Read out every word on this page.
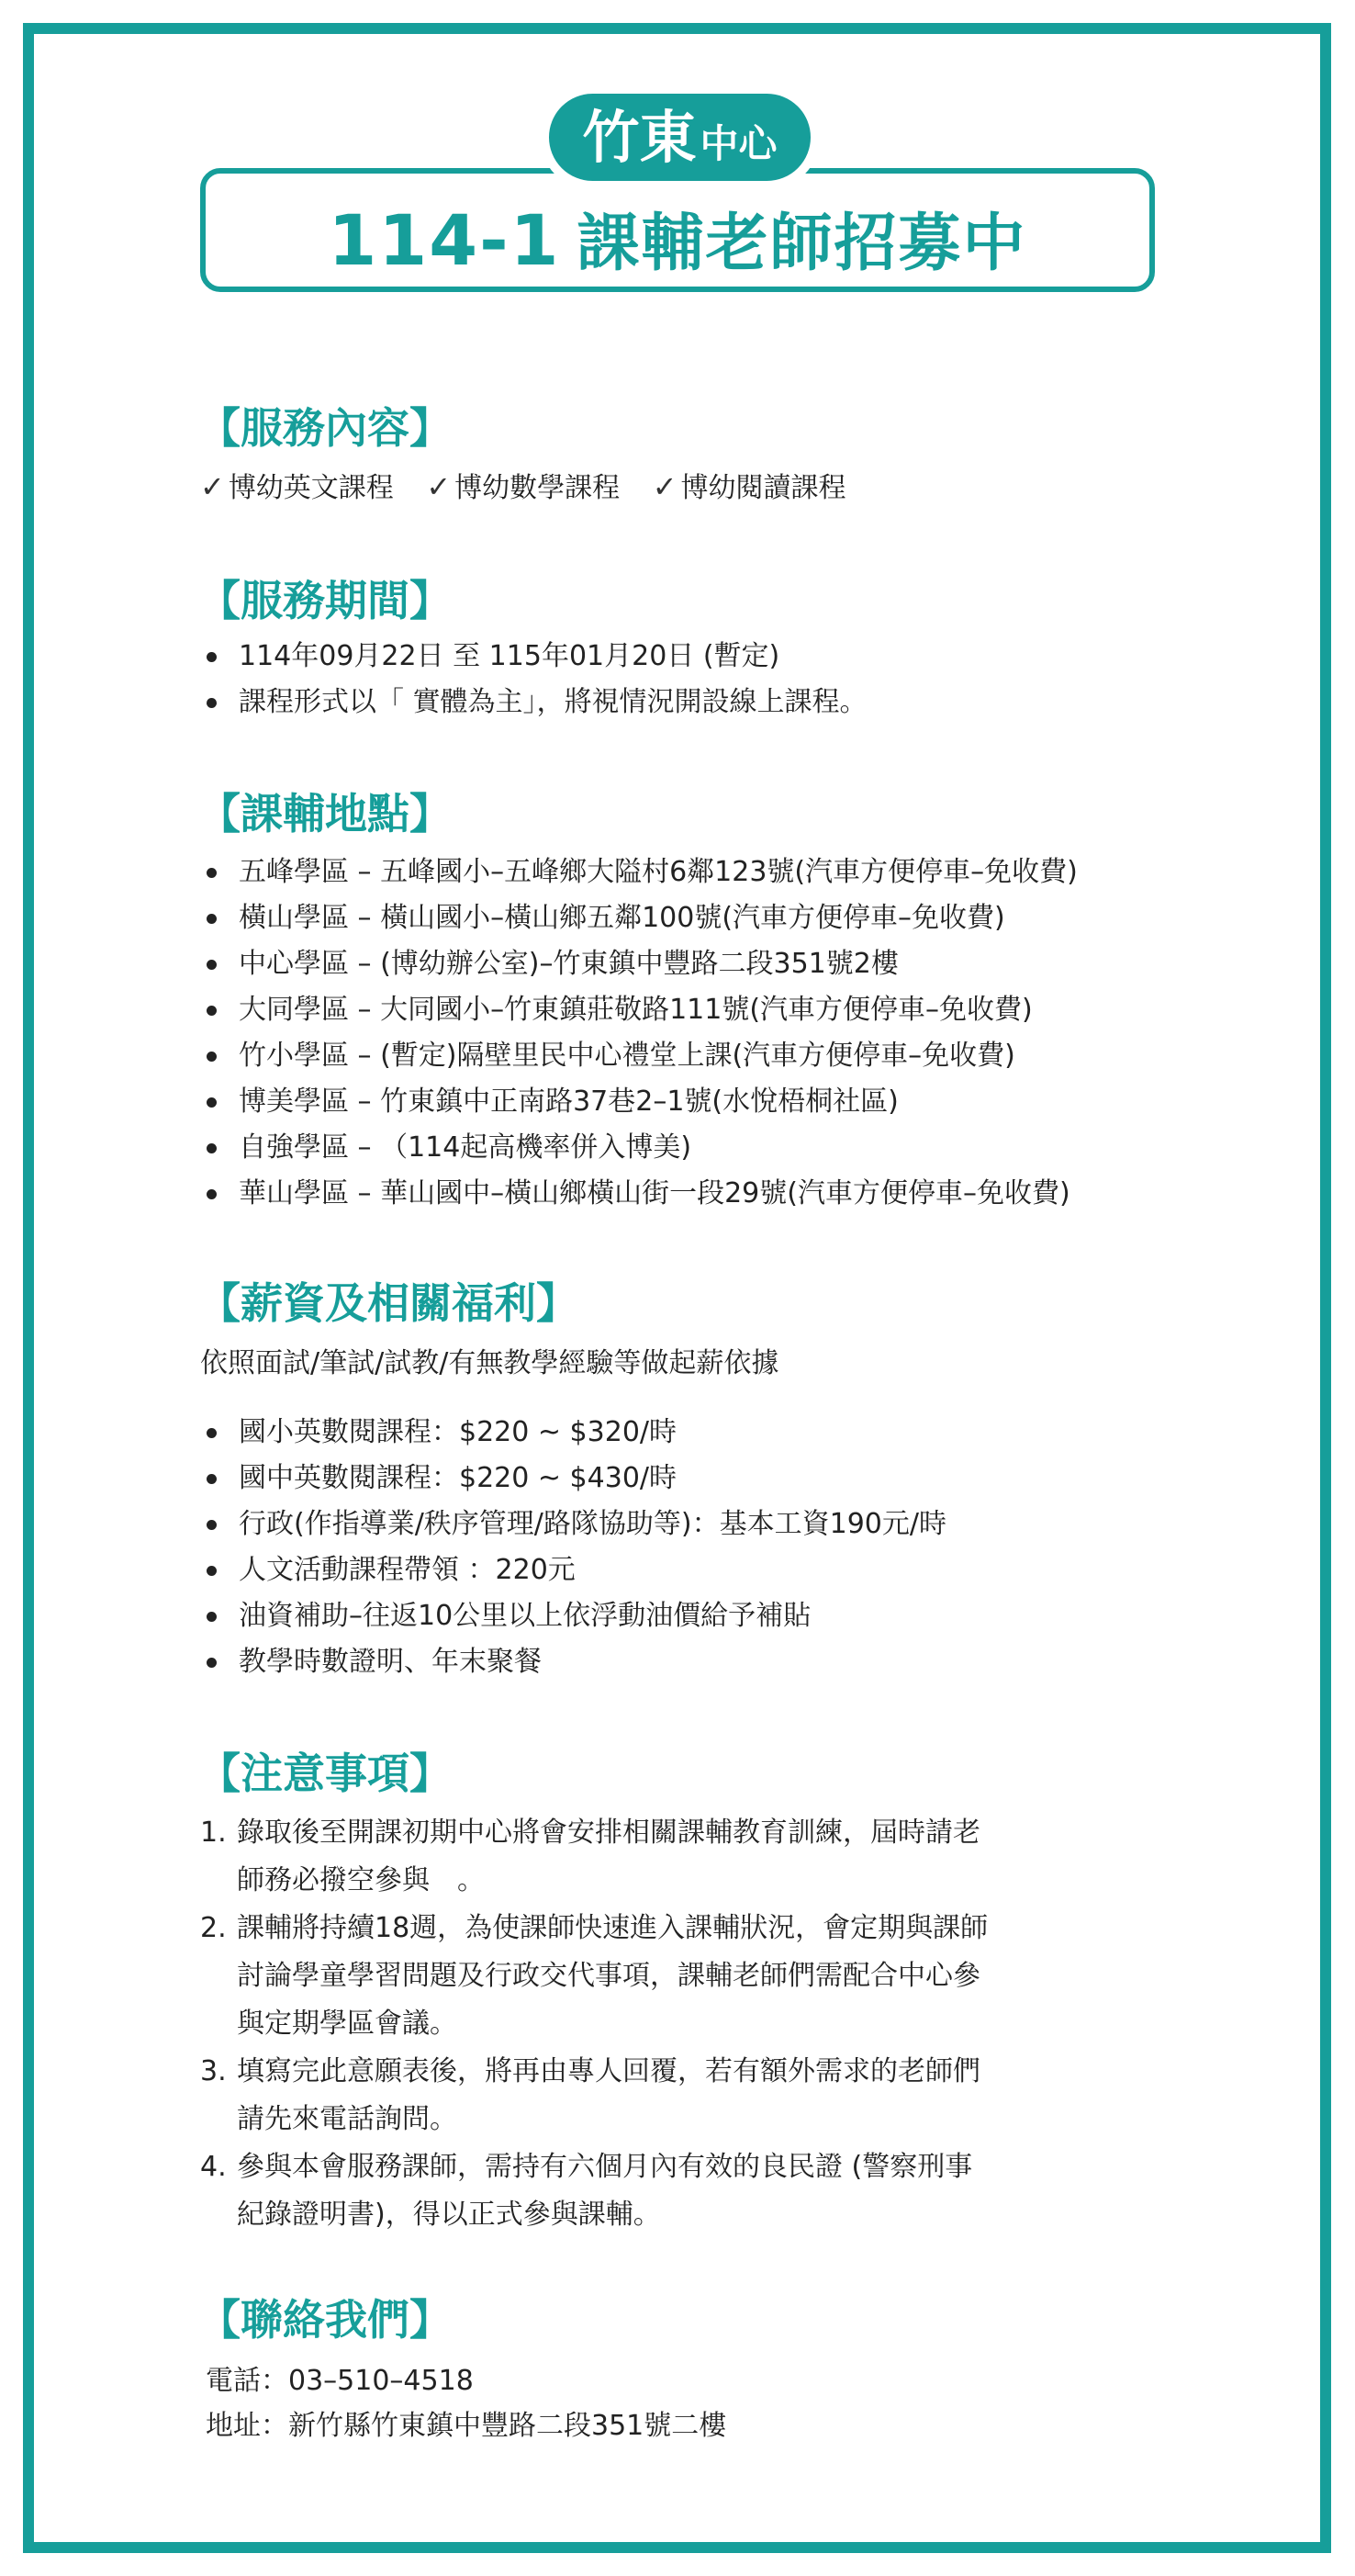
114-1 課輔老師招募中
竹東中心
【服務內容】
✓ 博幼英文課程 ✓ 博幼數學課程 ✓ 博幼閱讀課程
【服務期間】
114年09月22日 至 115年01月20日 (暫定)
課程形式以「 實體為主」，將視情況開設線上課程。
【課輔地點】
五峰學區 – 五峰國小–五峰鄉大隘村6鄰123號(汽車方便停車–免收費)
橫山學區 – 橫山國小–橫山鄉五鄰100號(汽車方便停車–免收費)
中心學區 – (博幼辦公室)–竹東鎮中豐路二段351號2樓
大同學區 – 大同國小–竹東鎮莊敬路111號(汽車方便停車–免收費)
竹小學區 – (暫定)隔壁里民中心禮堂上課(汽車方便停車–免收費)
博美學區 – 竹東鎮中正南路37巷2–1號(水悅梧桐社區)
自強學區 – （114起高機率併入博美)
華山學區 – 華山國中–橫山鄉橫山街一段29號(汽車方便停車–免收費)
【薪資及相關福利】
依照面試/筆試/試教/有無教學經驗等做起薪依據
國小英數閱課程：$220 ~ $320/時
國中英數閱課程：$220 ~ $430/時
行政(作指導業/秩序管理/路隊協助等)：基本工資190元/時
人文活動課程帶領 ：220元
油資補助–往返10公里以上依浮動油價給予補貼
教學時數證明、年末聚餐
【注意事項】
1. 錄取後至開課初期中心將會安排相關課輔教育訓練，屆時請老
師務必撥空參與　。
2. 課輔將持續18週，為使課師快速進入課輔狀況，會定期與課師
討論學童學習問題及行政交代事項，課輔老師們需配合中心參
與定期學區會議。
3. 填寫完此意願表後，將再由專人回覆，若有額外需求的老師們
請先來電話詢問。
4. 參與本會服務課師，需持有六個月內有效的良民證 (警察刑事
紀錄證明書)，得以正式參與課輔。
【聯絡我們】
電話：03–510–4518
地址：新竹縣竹東鎮中豐路二段351號二樓
